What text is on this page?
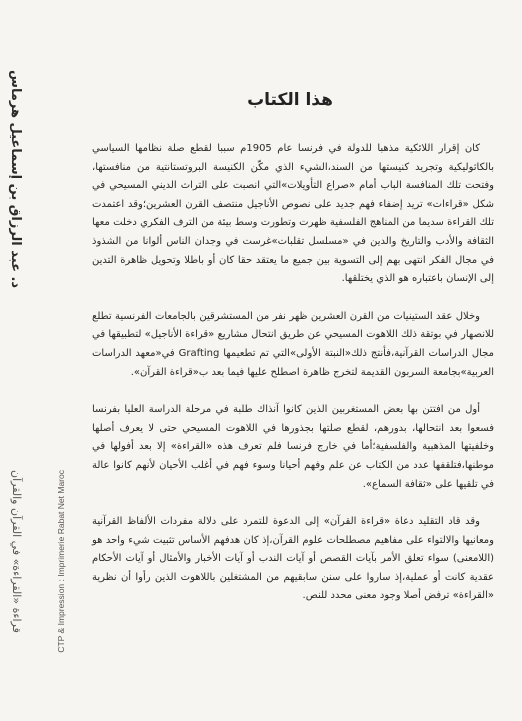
د. عبد الرزاق بن إسماعيل هرماس
قراءة «القراءة» في القرآن والقرآن	CTP & Impression : Imprimerie Rabat Net Maroc
هذا الكتاب

كان إقرار اللائكية مذهبا للدولة في فرنسا عام 1905م سببا لقطع صلة نظامها السياسي بالكاثوليكية وتجريد كنيستها من السند،الشيء الذي مكّن الكنيسة البروتستانتية من منافستها، وفتحت تلك المنافسة الباب أمام «صراع التأويلات»التي انصبت على التراث الديني المسيحي في شكل «قراءات» تريد إضفاء فهم جديد على نصوص الأناجيل منتصف القرن العشرين؛وقد اعتمدت تلك القراءة سديما من المناهج الفلسفية ظهرت وتطورت وسط بيئة من الترف الفكري دخلت معها الثقافة والأدب والتاريخ والدين في «مسلسل تقلبات»غرست في وجدان الناس ألوانا من الشذوذ في مجال الفكر انتهى بهم إلى التسوية بين جميع ما يعتقد حقا كان أو باطلا وتحويل ظاهرة التدين إلى الإنسان باعتباره هو الذي يختلقها.

وخلال عقد الستينيات من القرن العشرين ظهر نفر من المستشرقين بالجامعات الفرنسية تطلع للانصهار في بوتقة ذلك اللاهوت المسيحي عن طريق انتحال مشاريع «قراءة الأناجيل» لتطبيقها في مجال الدراسات القرآنية،فأنتج ذلك«النبتة الأولى»التي تم تطعيمها Grafting في«معهد الدراسات العربية»بجامعة السربون القديمة لتخرج ظاهرة اصطلح عليها فيما بعد ب«قراءة القرآن».

أول من افتتن بها بعض المستغربين الذين كانوا آنذاك طلبة في مرحلة الدراسة العليا بفرنسا فسعوا بعد انتحالها، بدورهم، لقطع صلتها بجذورها في اللاهوت المسيحي حتى لا يعرف أصلها وخلفيتها المذهبية والفلسفية؛أما في خارج فرنسا فلم تعرف هذه «القراءة» إلا بعد أفولها في موطنها،فتلقفها عدد من الكتاب عن علم وفهم أحيانا وسوء فهم في أغلب الأحيان لأنهم كانوا عالة في تلقيها على «ثقافة السماع».

وقد قاد التقليد دعاة «قراءة القرآن» إلى الدعوة للتمرد على دلالة مفردات الألفاظ القرآنية ومعانيها والالتواء على مفاهيم مصطلحات علوم القرآن،إذ كان هدفهم الأساس تثبيت شيء واحد هو (اللامعنى) سواء تعلق الأمر بآيات القصص أو آيات الندب أو آيات الأخبار والأمثال أو آيات الأحكام عقدية كانت أو عملية،إذ ساروا على سنن سابقيهم من المشتغلين باللاهوت الذين رأوا أن نظرية «القراءة» ترفض أصلا وجود معنى محدد للنص.
